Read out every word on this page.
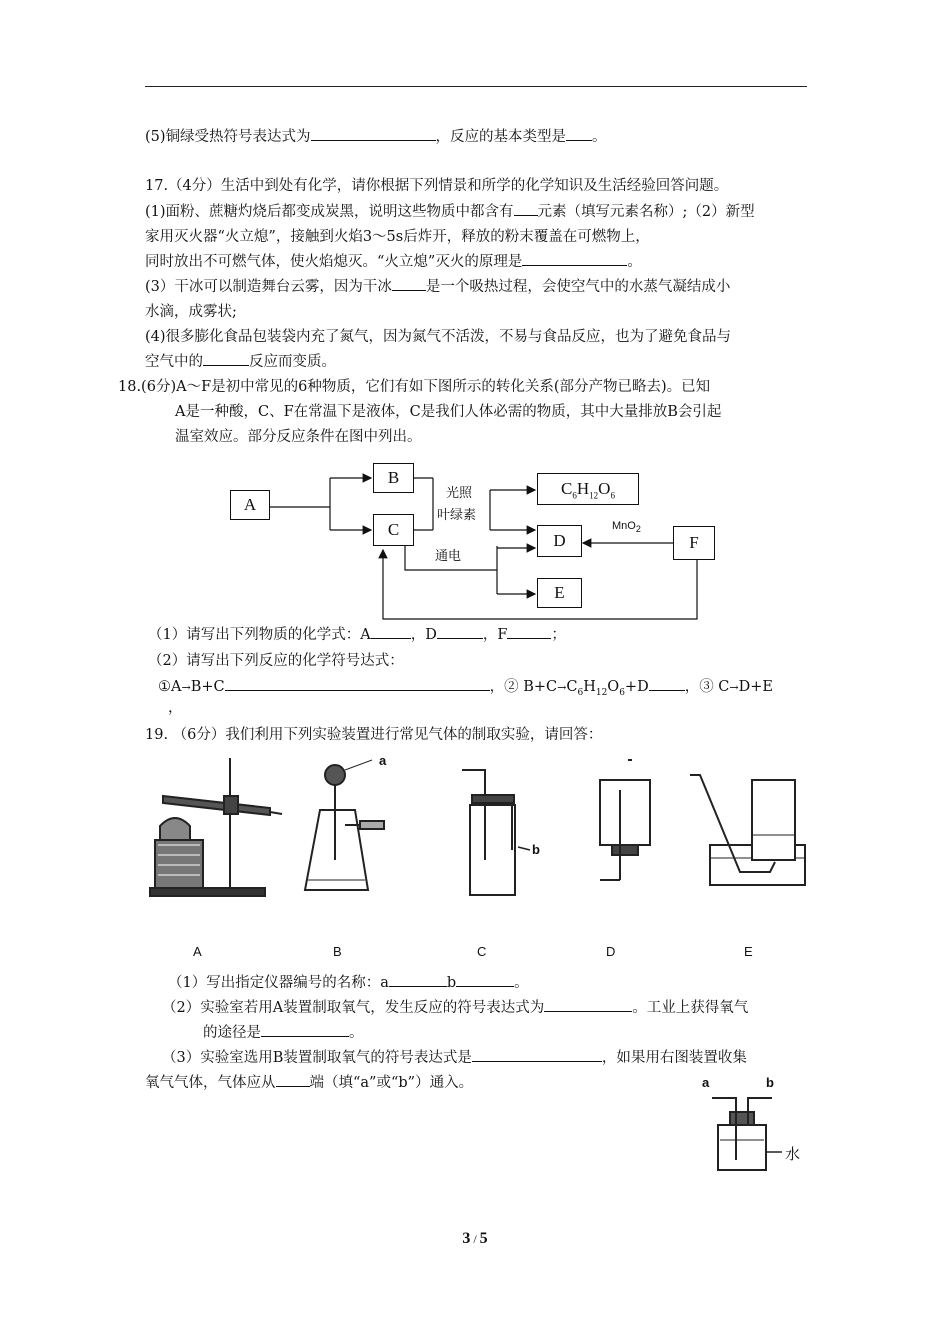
(5)铜绿受热符号表达式为	，反应的基本类型是 。
17.（4分）生活中到处有化学，请你根据下列情景和所学的化学知识及生活经验回答问题。
(1)面粉、蔗糖灼烧后都变成炭黑，说明这些物质中都含有 元素（填写元素名称）;（2）新型
家用灭火器“火立熄”，接触到火焰3～5s后炸开，释放的粉末覆盖在可燃物上，
同时放出不可燃气体，使火焰熄灭。“火立熄”灭火的原理是	。
(3）干冰可以制造舞台云雾，因为干冰 是一个吸热过程，会使空气中的水蒸气凝结成小
水滴，成雾状;
(4)很多膨化食品包装袋内充了氮气，因为氮气不活泼，不易与食品反应，也为了避免食品与
空气中的	反应而变质。
18.(6分)A～F是初中常见的6种物质，它们有如下图所示的转化关系(部分产物已略去)。已知
A是一种酸，C、F在常温下是液体，C是我们人体必需的物质，其中大量排放B会引起
温室效应。部分反应条件在图中列出。
A
B
C
$C_6H_{12}O_6$
D	F
E
光照
叶绿素
MnO$_2$
通电
（1）请写出下列物质的化学式：A	，D	，F	；
（2）请写出下列反应的化学符号达式：
①A→B+C	，② $B+C\to C_6H_{12}O_6+D$ ，③ C→D+E
，
19. （6分）我们利用下列实验装置进行常见气体的制取实验，请回答：
a
b
A	B	C	D	E
（1）写出指定仪器编号的名称：a	b	。
（2）实验室若用A装置制取氧气，发生反应的符号表达式为	。工业上获得氧气
的途径是	。
（3）实验室选用B装置制取氧气的符号表达式是	，如果用右图装置收集
氧气气体，气体应从 端（填“a”或“b”）通入。	a	b
水
3 / 5
